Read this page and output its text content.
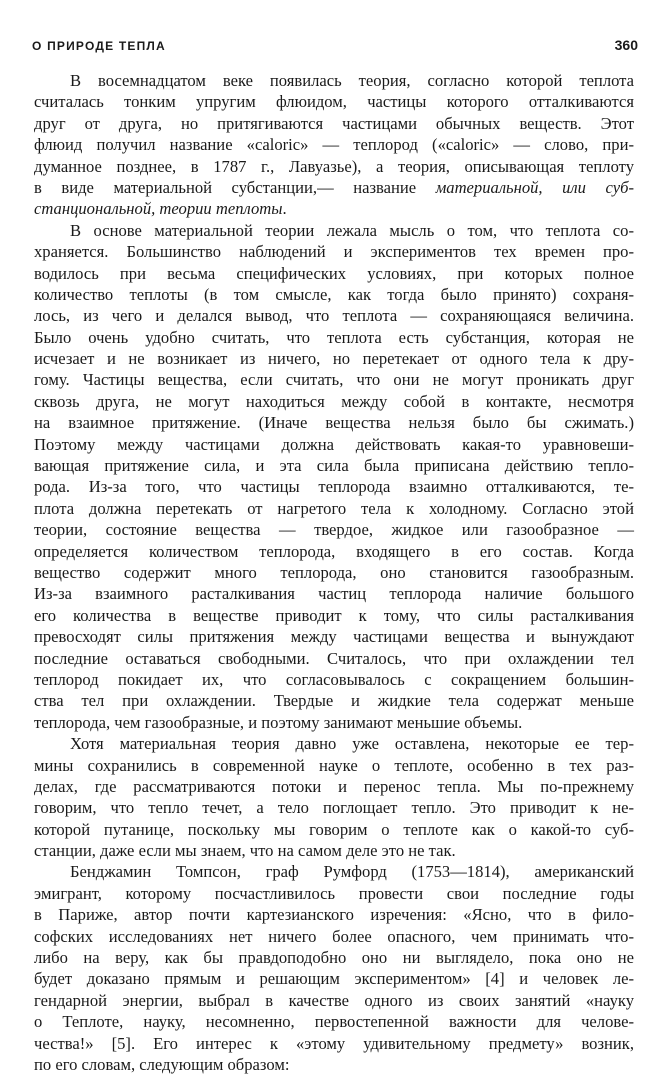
О ПРИРОДЕ ТЕПЛА	360
В восемнадцатом веке появилась теория, согласно которой теплота
считалась тонким упругим флюидом, частицы которого отталкиваются
друг от друга, но притягиваются частицами обычных веществ. Этот
флюид получил название «caloric» — теплород («caloric» — слово, при-
думанное позднее, в 1787 г., Лавуазье), а теория, описывающая теплоту
в виде материальной субстанции,— название материальной, или суб-
станциональной, теории теплоты.
В основе материальной теории лежала мысль о том, что теплота со-
храняется. Большинство наблюдений и экспериментов тех времен про-
водилось при весьма специфических условиях, при которых полное
количество теплоты (в том смысле, как тогда было принято) сохраня-
лось, из чего и делался вывод, что теплота — сохраняющаяся величина.
Было очень удобно считать, что теплота есть субстанция, которая не
исчезает и не возникает из ничего, но перетекает от одного тела к дру-
гому. Частицы вещества, если считать, что они не могут проникать друг
сквозь друга, не могут находиться между собой в контакте, несмотря
на взаимное притяжение. (Иначе вещества нельзя было бы сжимать.)
Поэтому между частицами должна действовать какая-то уравновеши-
вающая притяжение сила, и эта сила была приписана действию тепло-
рода. Из-за того, что частицы теплорода взаимно отталкиваются, те-
плота должна перетекать от нагретого тела к холодному. Согласно этой
теории, состояние вещества — твердое, жидкое или газообразное —
определяется количеством теплорода, входящего в его состав. Когда
вещество содержит много теплорода, оно становится газообразным.
Из-за взаимного расталкивания частиц теплорода наличие большого
его количества в веществе приводит к тому, что силы расталкивания
превосходят силы притяжения между частицами вещества и вынуждают
последние оставаться свободными. Считалось, что при охлаждении тел
теплород покидает их, что согласовывалось с сокращением большин-
ства тел при охлаждении. Твердые и жидкие тела содержат меньше
теплорода, чем газообразные, и поэтому занимают меньшие объемы.
Хотя материальная теория давно уже оставлена, некоторые ее тер-
мины сохранились в современной науке о теплоте, особенно в тех раз-
делах, где рассматриваются потоки и перенос тепла. Мы по-прежнему
говорим, что тепло течет, а тело поглощает тепло. Это приводит к не-
которой путанице, поскольку мы говорим о теплоте как о какой-то суб-
станции, даже если мы знаем, что на самом деле это не так.
Бенджамин Томпсон, граф Румфорд (1753—1814), американский
эмигрант, которому посчастливилось провести свои последние годы
в Париже, автор почти картезианского изречения: «Ясно, что в фило-
софских исследованиях нет ничего более опасного, чем принимать что-
либо на веру, как бы правдоподобно оно ни выглядело, пока оно не
будет доказано прямым и решающим экспериментом» [4] и человек ле-
гендарной энергии, выбрал в качестве одного из своих занятий «науку
о Теплоте, науку, несомненно, первостепенной важности для челове-
чества!» [5]. Его интерес к «этому удивительному предмету» возник,
по его словам, следующим образом:
